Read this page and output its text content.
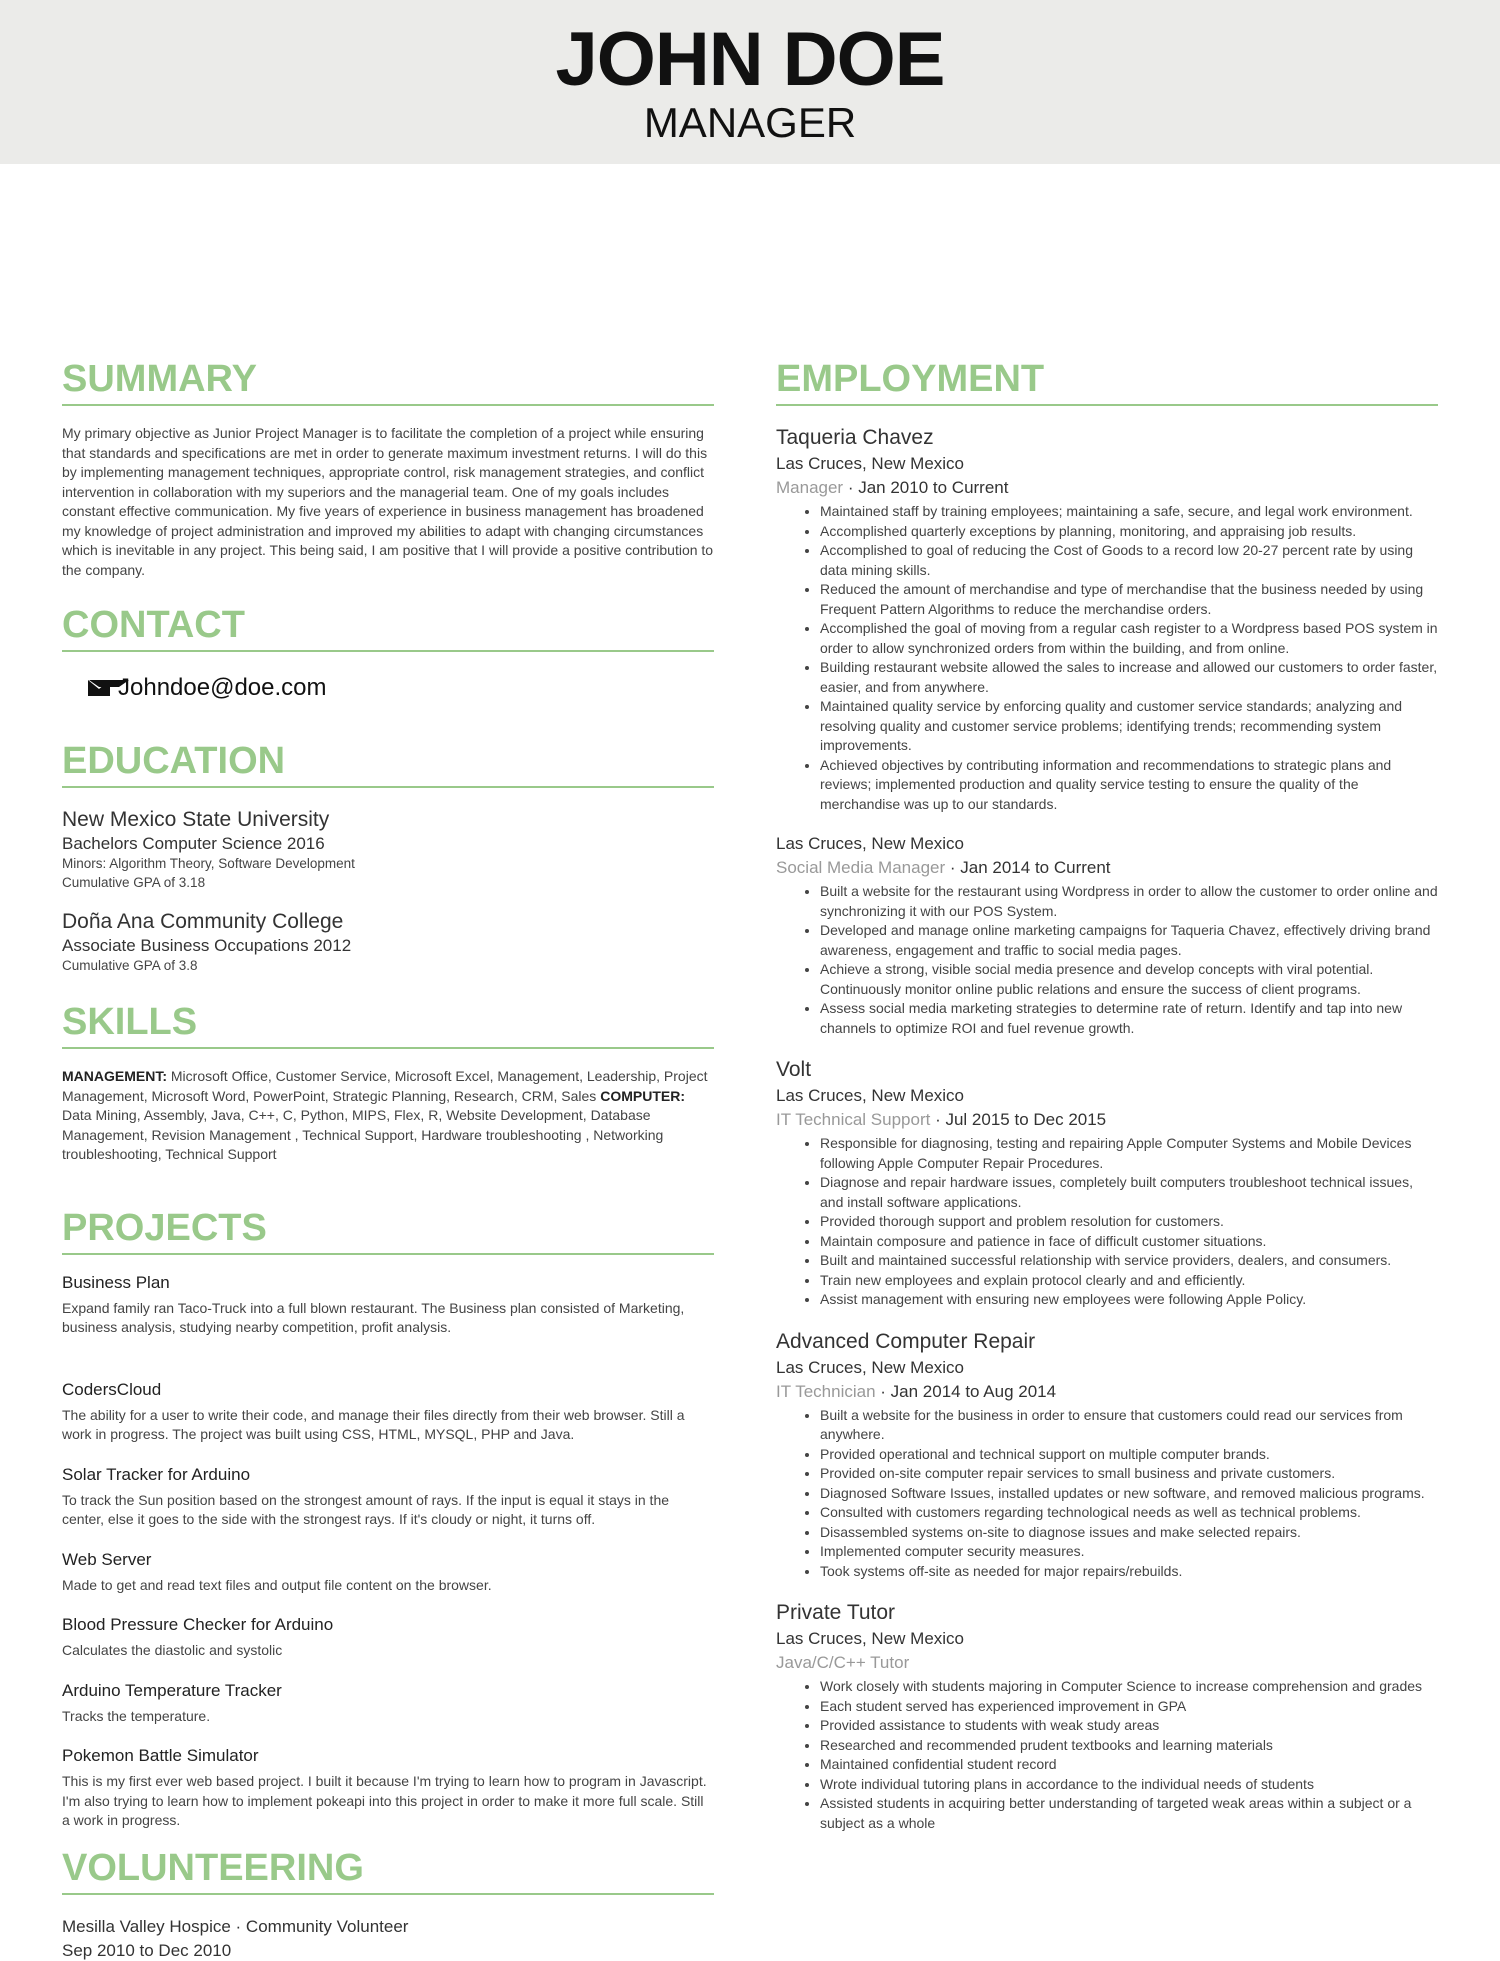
JOHN DOE
MANAGER
SUMMARY
My primary objective as Junior Project Manager is to facilitate the completion of a project while ensuring that standards and specifications are met in order to generate maximum investment returns. I will do this by implementing management techniques, appropriate control, risk management strategies, and conflict intervention in collaboration with my superiors and the managerial team. One of my goals includes constant effective communication. My five years of experience in business management has broadened my knowledge of project administration and improved my abilities to adapt with changing circumstances which is inevitable in any project. This being said, I am positive that I will provide a positive contribution to the company.
CONTACT
Johndoe@doe.com
EDUCATION
New Mexico State University
Bachelors Computer Science 2016
Minors: Algorithm Theory, Software Development
Cumulative GPA of 3.18
Doña Ana Community College
Associate Business Occupations 2012
Cumulative GPA of 3.8
SKILLS
MANAGEMENT: Microsoft Office, Customer Service, Microsoft Excel, Management, Leadership, Project Management, Microsoft Word, PowerPoint, Strategic Planning, Research, CRM, Sales COMPUTER: Data Mining, Assembly, Java, C++, C, Python, MIPS, Flex, R, Website Development, Database Management, Revision Management , Technical Support, Hardware troubleshooting , Networking troubleshooting, Technical Support
PROJECTS
Business Plan
Expand family ran Taco-Truck into a full blown restaurant. The Business plan consisted of Marketing, business analysis, studying nearby competition, profit analysis.
CodersCloud
The ability for a user to write their code, and manage their files directly from their web browser. Still a work in progress. The project was built using CSS, HTML, MYSQL, PHP and Java.
Solar Tracker for Arduino
To track the Sun position based on the strongest amount of rays. If the input is equal it stays in the center, else it goes to the side with the strongest rays. If it's cloudy or night, it turns off.
Web Server
Made to get and read text files and output file content on the browser.
Blood Pressure Checker for Arduino
Calculates the diastolic and systolic
Arduino Temperature Tracker
Tracks the temperature.
Pokemon Battle Simulator
This is my first ever web based project. I built it because I'm trying to learn how to program in Javascript. I'm also trying to learn how to implement pokeapi into this project in order to make it more full scale. Still a work in progress.
VOLUNTEERING
Mesilla Valley Hospice · Community Volunteer
Sep 2010 to Dec 2010
EMPLOYMENT
Taqueria Chavez
Las Cruces, New Mexico
Manager · Jan 2010 to Current
• Maintained staff by training employees; maintaining a safe, secure, and legal work environment.
• Accomplished quarterly exceptions by planning, monitoring, and appraising job results.
• Accomplished to goal of reducing the Cost of Goods to a record low 20-27 percent rate by using data mining skills.
• Reduced the amount of merchandise and type of merchandise that the business needed by using Frequent Pattern Algorithms to reduce the merchandise orders.
• Accomplished the goal of moving from a regular cash register to a Wordpress based POS system in order to allow synchronized orders from within the building, and from online.
• Building restaurant website allowed the sales to increase and allowed our customers to order faster, easier, and from anywhere.
• Maintained quality service by enforcing quality and customer service standards; analyzing and resolving quality and customer service problems; identifying trends; recommending system improvements.
• Achieved objectives by contributing information and recommendations to strategic plans and reviews; implemented production and quality service testing to ensure the quality of the merchandise was up to our standards.
Las Cruces, New Mexico
Social Media Manager · Jan 2014 to Current
• Built a website for the restaurant using Wordpress in order to allow the customer to order online and synchronizing it with our POS System.
• Developed and manage online marketing campaigns for Taqueria Chavez, effectively driving brand awareness, engagement and traffic to social media pages.
• Achieve a strong, visible social media presence and develop concepts with viral potential. Continuously monitor online public relations and ensure the success of client programs.
• Assess social media marketing strategies to determine rate of return. Identify and tap into new channels to optimize ROI and fuel revenue growth.
Volt
Las Cruces, New Mexico
IT Technical Support · Jul 2015 to Dec 2015
• Responsible for diagnosing, testing and repairing Apple Computer Systems and Mobile Devices following Apple Computer Repair Procedures.
• Diagnose and repair hardware issues, completely built computers troubleshoot technical issues, and install software applications.
• Provided thorough support and problem resolution for customers.
• Maintain composure and patience in face of difficult customer situations.
• Built and maintained successful relationship with service providers, dealers, and consumers.
• Train new employees and explain protocol clearly and and efficiently.
• Assist management with ensuring new employees were following Apple Policy.
Advanced Computer Repair
Las Cruces, New Mexico
IT Technician · Jan 2014 to Aug 2014
• Built a website for the business in order to ensure that customers could read our services from anywhere.
• Provided operational and technical support on multiple computer brands.
• Provided on-site computer repair services to small business and private customers.
• Diagnosed Software Issues, installed updates or new software, and removed malicious programs.
• Consulted with customers regarding technological needs as well as technical problems.
• Disassembled systems on-site to diagnose issues and make selected repairs.
• Implemented computer security measures.
• Took systems off-site as needed for major repairs/rebuilds.
Private Tutor
Las Cruces, New Mexico
Java/C/C++ Tutor
• Work closely with students majoring in Computer Science to increase comprehension and grades
• Each student served has experienced improvement in GPA
• Provided assistance to students with weak study areas
• Researched and recommended prudent textbooks and learning materials
• Maintained confidential student record
• Wrote individual tutoring plans in accordance to the individual needs of students
• Assisted students in acquiring better understanding of targeted weak areas within a subject or a subject as a whole
